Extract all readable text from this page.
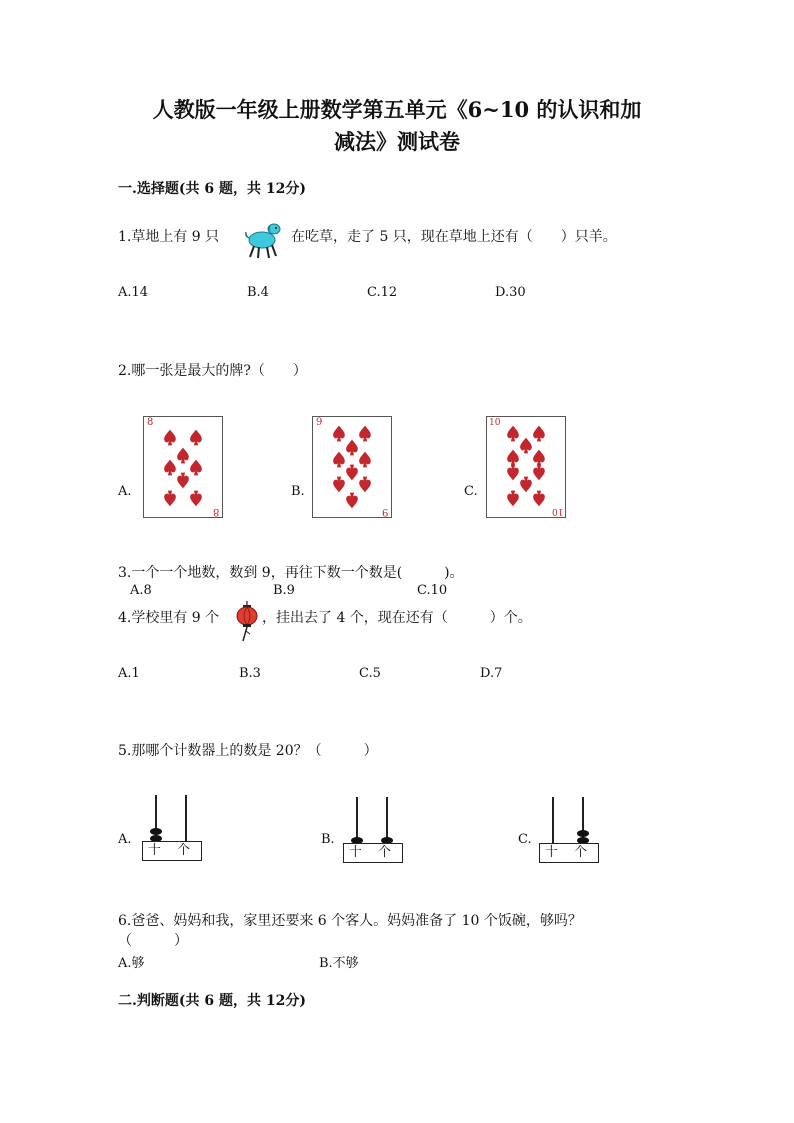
人教版一年级上册数学第五单元《6~10 的认识和加
减法》测试卷
一.选择题(共 6 题，共 12分)
1.草地上有 9 只	在吃草，走了 5 只，现在草地上还有（　　）只羊。
A.14	B.4	C.12	D.30
2.哪一张是最大的牌?（　　）
A.	B.	C.
8
8
9
9
10
10
3.一个一个地数，数到 9，再往下数一个数是(　　　)。
A.8	B.9	C.10
4.学校里有 9 个	，挂出去了 4 个，现在还有（　　　）个。
A.1	B.3	C.5	D.7
5.那哪个计数器上的数是 20？（　　　）
A.	B.	C.
十 个	十 个	十 个
6.爸爸、妈妈和我，家里还要来 6 个客人。妈妈准备了 10 个饭碗，够吗？
（　　　）
A.够	B.不够
二.判断题(共 6 题，共 12分)
